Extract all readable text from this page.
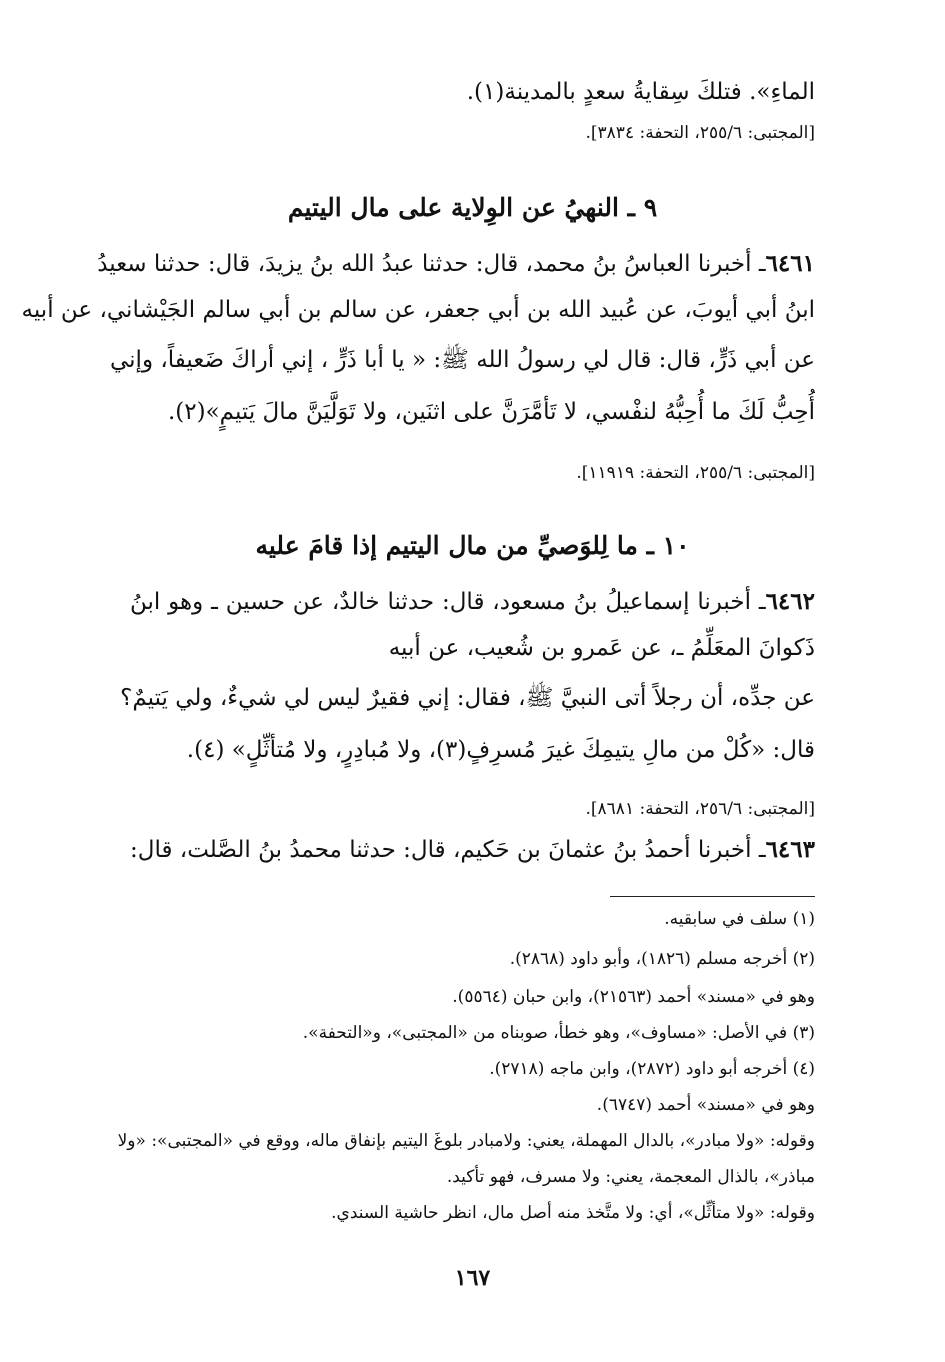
الماءِ». فتلكَ سِقايةُ سعدٍ بالمدينة(١).
[المجتبى: ٢٥٥/٦، التحفة: ٣٨٣٤].
٩ ـ النهيُ عن الوِلاية على مال اليتيم
٦٤٦١ـ أخبرنا العباسُ بنُ محمد، قال: حدثنا عبدُ الله بنُ يزيدَ، قال: حدثنا سعيدُ
ابنُ أبي أيوبَ، عن عُبيد الله بن أبي جعفر، عن سالم بن أبي سالم الجَيْشاني، عن أبيه
عن أبي ذَرٍّ، قال: قال لي رسولُ الله ﷺ: « يا أبا ذَرٍّ ، إني أراكَ ضَعيفاً، وإني
أُحِبُّ لَكَ ما أُحِبُّهُ لنفْسي، لا تَأمَّرَنَّ على اثنَين، ولا تَوَلَّيَنَّ مالَ يَتيمٍ»(٢).
[المجتبى: ٢٥٥/٦، التحفة: ١١٩١٩].
١٠ ـ ما لِلوَصيِّ من مال اليتيم إذا قامَ عليه
٦٤٦٢ـ أخبرنا إسماعيلُ بنُ مسعود، قال: حدثنا خالدٌ، عن حسين ـ وهو ابنُ
ذَكوانَ المعَلِّمُ ـ، عن عَمرو بن شُعيب، عن أبيه
عن جدِّه، أن رجلاً أتى النبيَّ ﷺ، فقال: إني فقيرٌ ليس لي شيءٌ، ولي يَتيمٌ؟
قال: «كُلْ من مالِ يتيمِكَ غيرَ مُسرِفٍ(٣)، ولا مُبادِرٍ، ولا مُتأثِّلٍ» (٤).
[المجتبى: ٢٥٦/٦، التحفة: ٨٦٨١].
٦٤٦٣ـ أخبرنا أحمدُ بنُ عثمانَ بن حَكيم، قال: حدثنا محمدُ بنُ الصَّلت، قال:
(١) سلف في سابقيه.
(٢) أخرجه مسلم (١٨٢٦)، وأبو داود (٢٨٦٨).
وهو في «مسند» أحمد (٢١٥٦٣)، وابن حبان (٥٥٦٤).
(٣) في الأصل: «مساوف»، وهو خطأ، صوبناه من «المجتبى»، و«التحفة».
(٤) أخرجه أبو داود (٢٨٧٢)، وابن ماجه (٢٧١٨).
وهو في «مسند» أحمد (٦٧٤٧).
وقوله: «ولا مبادر»، بالدال المهملة، يعني: ولامبادر بلوغَ اليتيم بإنفاق ماله، ووقع في «المجتبى»: «ولا
مباذر»، بالذال المعجمة، يعني: ولا مسرف، فهو تأكيد.
وقوله: «ولا متأثِّل»، أي: ولا متَّخذ منه أصل مال، انظر حاشية السندي.
١٦٧
